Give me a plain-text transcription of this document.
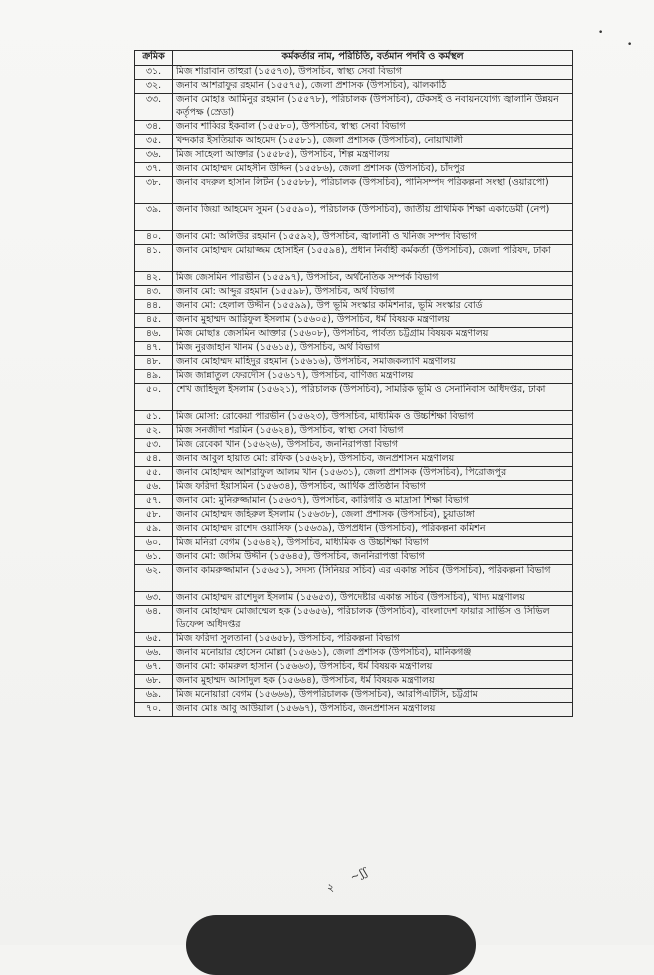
•
•
ক্রমিক	কর্মকর্তার নাম, পরিচিতি, বর্তমান পদবি ও কর্মস্থল
৩১.	মিজ শারাবান তাহুরা (১৫৫৭৩), উপসচিব, স্বাস্থ্য সেবা বিভাগ
৩২.	জনাব আশরাফুর রহমান (১৫৫৭৫), জেলা প্রশাসক (উপসচিব), ঝালকাঠি
৩৩.	জনাব মোহাঃ আমিনুর রহমান (১৫৫৭৮), পরিচালক (উপসচিব), টেকসই ও নবায়নযোগ্য জ্বালানি উন্নয়ন কর্তৃপক্ষ (স্রেডা)
৩৪.	জনাব শাব্বির ইকবাল (১৫৫৮০), উপসচিব, স্বাস্থ্য সেবা বিভাগ
৩৫.	খন্দকার ইসতিয়াক আহমেদ (১৫৫৮১), জেলা প্রশাসক (উপসচিব), নোয়াখালী
৩৬.	মিজ সাহেলা আক্তার (১৫৫৮৫), উপসচিব, শিল্প মন্ত্রণালয়
৩৭.	জনাব মোহাম্মদ মোহসীন উদ্দিন (১৫৫৮৬), জেলা প্রশাসক (উপসচিব), চাঁদপুর
৩৮.	জনাব বদরুল হাসান লিটন (১৫৫৮৮), পরিচালক (উপসচিব), পানিসম্পদ পরিকল্পনা সংস্থা (ওয়ারপো)
৩৯.	জনাব জিয়া আহমেদ সুমন (১৫৫৯০), পরিচালক (উপসচিব), জাতীয় প্রাথমিক শিক্ষা একাডেমী (নেপ)
৪০.	জনাব মো: অলিউর রহমান (১৫৫৯২), উপসচিব, জ্বালানী ও খনিজ সম্পদ বিভাগ
৪১.	জনাব মোহাম্মদ মোয়াজ্জম হোসাইন (১৫৫৯৪), প্রধান নির্বাহী কর্মকর্তা (উপসচিব), জেলা পরিষদ, ঢাকা
৪২.	মিজ জেসমিন পারভীন (১৫৫৯৭), উপসচিব, অর্থনৈতিক সম্পর্ক বিভাগ
৪৩.	জনাব মো: আব্দুর রহমান (১৫৫৯৮), উপসচিব, অর্থ বিভাগ
৪৪.	জনাব মো: হেলাল উদ্দীন (১৫৫৯৯), উপ ভূমি সংস্কার কমিশনার, ভূমি সংস্কার বোর্ড
৪৫.	জনাব মুহাম্মদ আরিফুল ইসলাম (১৫৬০৫), উপসচিব, ধর্ম বিষয়ক মন্ত্রণালয়
৪৬.	মিজ মোছাঃ জেসমিন আক্তার (১৫৬০৮), উপসচিব, পার্বত্য চট্টগ্রাম বিষয়ক মন্ত্রণালয়
৪৭.	মিজ নুরজাহান খানম (১৫৬১৫), উপসচিব, অর্থ বিভাগ
৪৮.	জনাব মোহাম্মদ মাহিদুর রহমান (১৫৬১৬), উপসচিব, সমাজকল্যাণ মন্ত্রণালয়
৪৯.	মিজ জান্নাতুল ফেরদৌস (১৫৬১৭), উপসচিব, বাণিজ্য মন্ত্রণালয়
৫০.	শেখ জাহিদুল ইসলাম (১৫৬২১), পরিচালক (উপসচিব), সামরিক ভূমি ও সেনানিবাস অধিদপ্তর, ঢাকা
৫১.	মিজ মোসা: রোকেয়া পারভীন (১৫৬২৩), উপসচিব, মাধ্যমিক ও উচ্চশিক্ষা বিভাগ
৫২.	মিজ সনজীদা শরমিন (১৫৬২৪), উপসচিব, স্বাস্থ্য সেবা বিভাগ
৫৩.	মিজ রেবেকা খান (১৫৬২৬), উপসচিব, জননিরাপত্তা বিভাগ
৫৪.	জনাব আবুল হায়াত মো: রফিক (১৫৬২৮), উপসচিব, জনপ্রশাসন মন্ত্রণালয়
৫৫.	জনাব মোহাম্মদ আশরাফুল আলম খান (১৫৬৩১), জেলা প্রশাসক (উপসচিব), পিরোজপুর
৫৬.	মিজ ফরিদা ইয়াসমিন (১৫৬৩৪), উপসচিব, আর্থিক প্রতিষ্ঠান বিভাগ
৫৭.	জনাব মো: মুনিরুজ্জামান (১৫৬৩৭), উপসচিব, কারিগরি ও মাদ্রাসা শিক্ষা বিভাগ
৫৮.	জনাব মোহাম্মদ জহিরুল ইসলাম (১৫৬৩৮), জেলা প্রশাসক (উপসচিব), চুয়াডাঙ্গা
৫৯.	জনাব মোহাম্মদ রাশেদ ওয়াসিফ (১৫৬৩৯), উপপ্রধান (উপসচিব), পরিকল্পনা কমিশন
৬০.	মিজ মনিরা বেগম (১৫৬৪২), উপসচিব, মাধ্যমিক ও উচ্চশিক্ষা বিভাগ
৬১.	জনাব মো: জসিম উদ্দীন (১৫৬৪৫), উপসচিব, জননিরাপত্তা বিভাগ
৬২.	জনাব কামরুজ্জামান (১৫৬৫১), সদস্য (সিনিয়র সচিব) এর একান্ত সচিব (উপসচিব), পরিকল্পনা বিভাগ
৬৩.	জনাব মোহাম্মদ রাশেদুল ইসলাম (১৫৬৫৩), উপদেষ্টার একান্ত সচিব (উপসচিব), খাদ্য মন্ত্রণালয়
৬৪.	জনাব মোহাম্মদ মোজাম্মেল হক (১৫৬৫৬), পরিচালক (উপসচিব), বাংলাদেশ ফায়ার সার্ভিস ও সিভিল ডিফেন্স অধিদপ্তর
৬৫.	মিজ ফরিদা সুলতানা (১৫৬৫৮), উপসচিব, পরিকল্পনা বিভাগ
৬৬.	জনাব মনোয়ার হোসেন মোল্লা (১৫৬৬১), জেলা প্রশাসক (উপসচিব), মানিকগঞ্জ
৬৭.	জনাব মো: কামরুল হাসান (১৫৬৬৩), উপসচিব, ধর্ম বিষয়ক মন্ত্রণালয়
৬৮.	জনাব মুহাম্মদ আসাদুল হক (১৫৬৬৪), উপসচিব, ধর্ম বিষয়ক মন্ত্রণালয়
৬৯.	মিজ মনোয়ারা বেগম (১৫৬৬৬), উপপরিচালক (উপসচিব), আরপিএটিসি, চট্টগ্রাম
৭০.	জনাব মোঃ আবু আউয়াল (১৫৬৬৭), উপসচিব, জনপ্রশাসন মন্ত্রণালয়
২
~ʃʃ
